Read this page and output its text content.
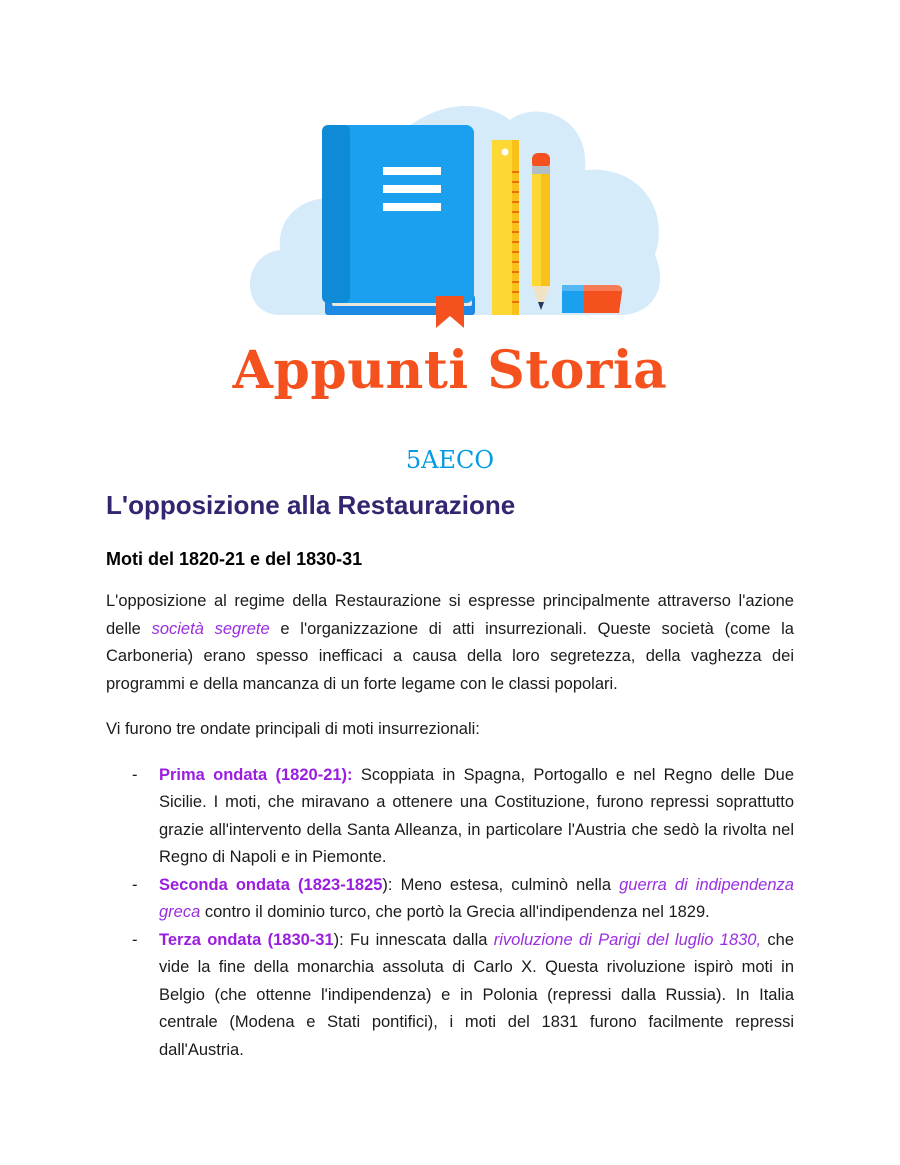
Appunti Storia
5AECO
L'opposizione alla Restaurazione
Moti del 1820-21 e del 1830-31

L'opposizione al regime della Restaurazione si espresse principalmente attraverso l'azione delle società segrete e l'organizzazione di atti insurrezionali. Queste società (come la Carboneria) erano spesso inefficaci a causa della loro segretezza, della vaghezza dei programmi e della mancanza di un forte legame con le classi popolari.

Vi furono tre ondate principali di moti insurrezionali:

- Prima ondata (1820-21): Scoppiata in Spagna, Portogallo e nel Regno delle Due Sicilie. I moti, che miravano a ottenere una Costituzione, furono repressi soprattutto grazie all'intervento della Santa Alleanza, in particolare l'Austria che sedò la rivolta nel Regno di Napoli e in Piemonte.
- Seconda ondata (1823-1825): Meno estesa, culminò nella guerra di indipendenza greca contro il dominio turco, che portò la Grecia all'indipendenza nel 1829.
- Terza ondata (1830-31): Fu innescata dalla rivoluzione di Parigi del luglio 1830, che vide la fine della monarchia assoluta di Carlo X. Questa rivoluzione ispirò moti in Belgio (che ottenne l'indipendenza) e in Polonia (repressi dalla Russia). In Italia centrale (Modena e Stati pontifici), i moti del 1831 furono facilmente repressi dall'Austria.
